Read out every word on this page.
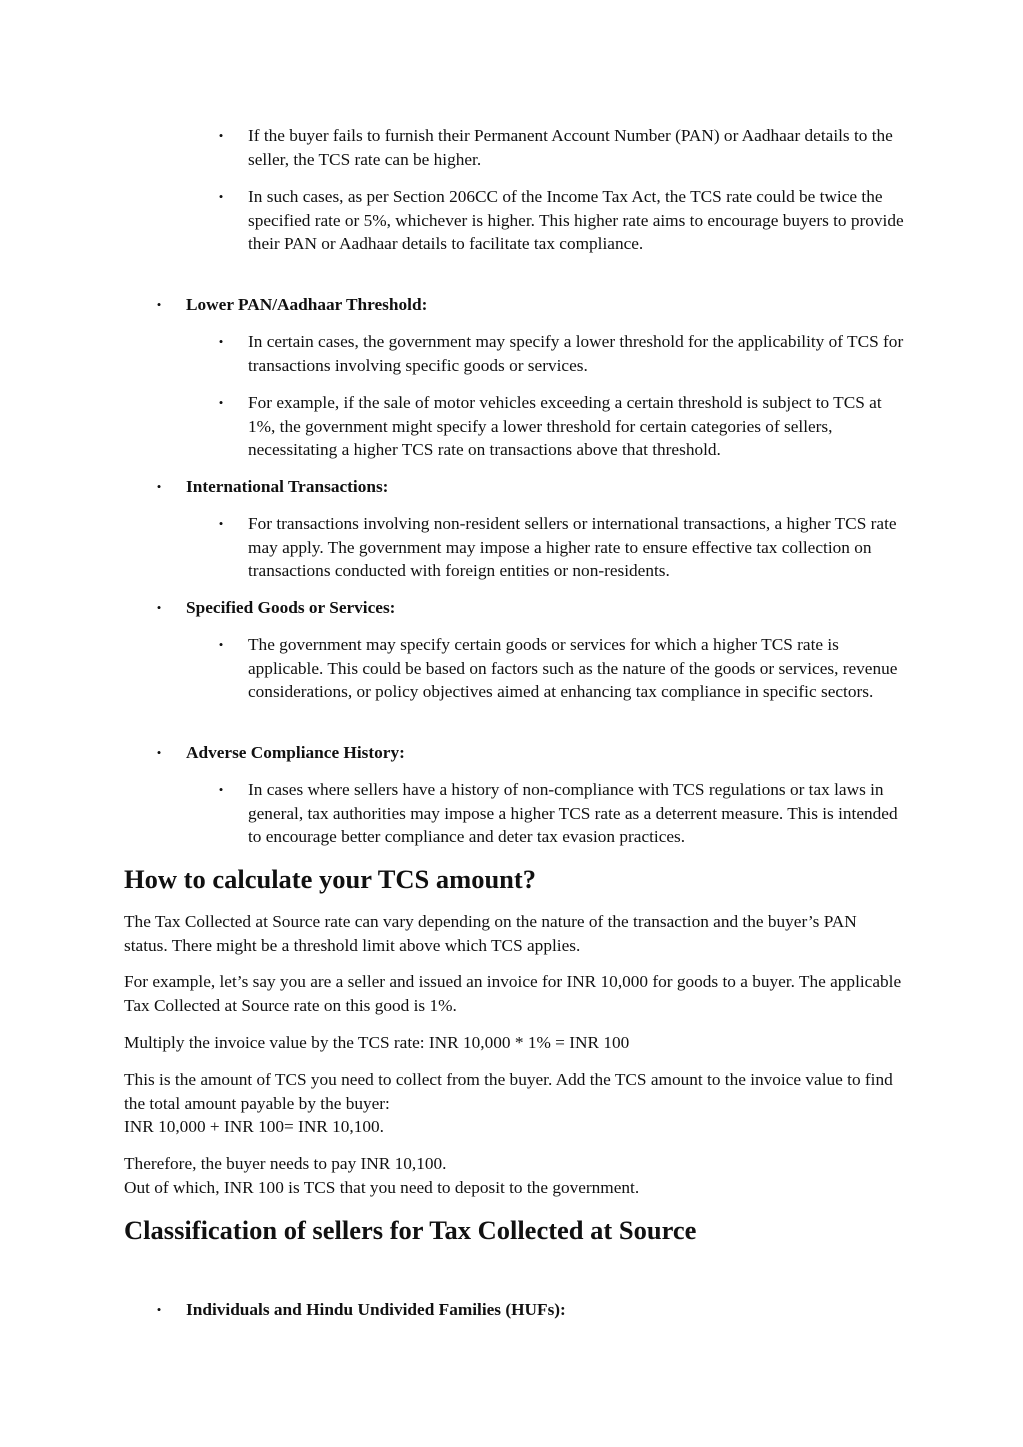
• If the buyer fails to furnish their Permanent Account Number (PAN) or Aadhaar details to the seller, the TCS rate can be higher.

• In such cases, as per Section 206CC of the Income Tax Act, the TCS rate could be twice the specified rate or 5%, whichever is higher. This higher rate aims to encourage buyers to provide their PAN or Aadhaar details to facilitate tax compliance.

• Lower PAN/Aadhaar Threshold:

• In certain cases, the government may specify a lower threshold for the applicability of TCS for transactions involving specific goods or services.

• For example, if the sale of motor vehicles exceeding a certain threshold is subject to TCS at 1%, the government might specify a lower threshold for certain categories of sellers, necessitating a higher TCS rate on transactions above that threshold.

• International Transactions:

• For transactions involving non-resident sellers or international transactions, a higher TCS rate may apply. The government may impose a higher rate to ensure effective tax collection on transactions conducted with foreign entities or non-residents.

• Specified Goods or Services:

• The government may specify certain goods or services for which a higher TCS rate is applicable. This could be based on factors such as the nature of the goods or services, revenue considerations, or policy objectives aimed at enhancing tax compliance in specific sectors.

• Adverse Compliance History:

• In cases where sellers have a history of non-compliance with TCS regulations or tax laws in general, tax authorities may impose a higher TCS rate as a deterrent measure. This is intended to encourage better compliance and deter tax evasion practices.

How to calculate your TCS amount?

The Tax Collected at Source rate can vary depending on the nature of the transaction and the buyer’s PAN status. There might be a threshold limit above which TCS applies.

For example, let’s say you are a seller and issued an invoice for INR 10,000 for goods to a buyer. The applicable Tax Collected at Source rate on this good is 1%.

Multiply the invoice value by the TCS rate: INR 10,000 * 1% = INR 100

This is the amount of TCS you need to collect from the buyer. Add the TCS amount to the invoice value to find the total amount payable by the buyer:
INR 10,000 + INR 100= INR 10,100.
Therefore, the buyer needs to pay INR 10,100.
Out of which, INR 100 is TCS that you need to deposit to the government.
Classification of sellers for Tax Collected at Source
• Individuals and Hindu Undivided Families (HUFs):
